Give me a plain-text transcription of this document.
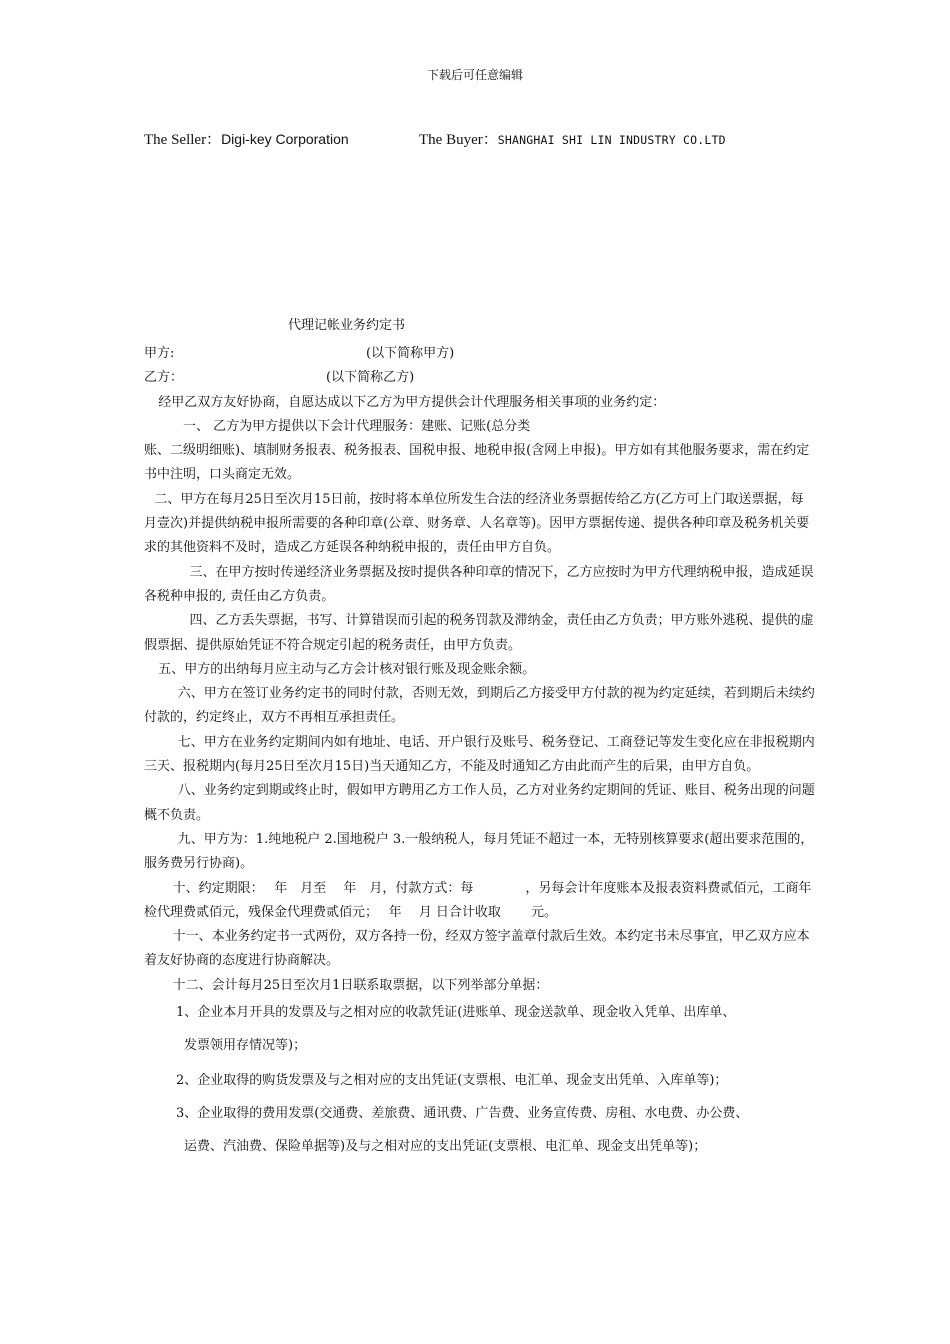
下载后可任意编辑
The Seller：Digi-key Corporation	The Buyer：SHANGHAI SHI LIN INDUSTRY CO.LTD
代理记帐业务约定书

甲方:	(以下简称甲方)

乙方：	(以下简称乙方)

经甲乙双方友好协商，自愿达成以下乙方为甲方提供会计代理服务相关事项的业务约定：

一、 乙方为甲方提供以下会计代理服务：建账、记账(总分类

账、二级明细账)、填制财务报表、税务报表、国税申报、地税申报(含网上申报)。甲方如有其他服务要求，需在约定书中注明，口头商定无效。

二、甲方在每月25日至次月15日前，按时将本单位所发生合法的经济业务票据传给乙方(乙方可上门取送票据，每月壹次)并提供纳税申报所需要的各种印章(公章、财务章、人名章等)。因甲方票据传递、提供各种印章及税务机关要求的其他资料不及时，造成乙方延误各种纳税申报的，责任由甲方自负。

三、在甲方按时传递经济业务票据及按时提供各种印章的情况下，乙方应按时为甲方代理纳税申报，造成延误各税种申报的, 责任由乙方负责。

四、乙方丢失票据，书写、计算错误而引起的税务罚款及滞纳金，责任由乙方负责；甲方账外逃税、提供的虚假票据、提供原始凭证不符合规定引起的税务责任，由甲方负责。

五、甲方的出纳每月应主动与乙方会计核对银行账及现金账余额。

六、甲方在签订业务约定书的同时付款，否则无效，到期后乙方接受甲方付款的视为约定延续，若到期后未续约付款的，约定终止，双方不再相互承担责任。

七、甲方在业务约定期间内如有地址、电话、开户银行及账号、税务登记、工商登记等发生变化应在非报税期内三天、报税期内(每月25日至次月15日)当天通知乙方，不能及时通知乙方由此而产生的后果，由甲方自负。

八、业务约定到期或终止时，假如甲方聘用乙方工作人员，乙方对业务约定期间的凭证、账目、税务出现的问题概不负责。

九、甲方为：1.纯地税户 2.国地税户 3.一般纳税人，每月凭证不超过一本，无特别核算要求(超出要求范围的，服务费另行协商)。

十、约定期限：　 年　月至　 年　月，付款方式：每　　　　，另每会计年度账本及报表资料费贰佰元，工商年检代理费贰佰元，残保金代理费贰佰元；　 年　 月 日合计收取　　 元。

十一、本业务约定书一式两份，双方各持一份，经双方签字盖章付款后生效。本约定书未尽事宜，甲乙双方应本着友好协商的态度进行协商解决。

十二、会计每月25日至次月1日联系取票据，以下列举部分单据：

1、企业本月开具的发票及与之相对应的收款凭证(进账单、现金送款单、现金收入凭单、出库单、

发票领用存情况等)；

2、企业取得的购货发票及与之相对应的支出凭证(支票根、电汇单、现金支出凭单、入库单等)；

3、企业取得的费用发票(交通费、差旅费、通讯费、广告费、业务宣传费、房租、水电费、办公费、

运费、汽油费、保险单据等)及与之相对应的支出凭证(支票根、电汇单、现金支出凭单等)；
